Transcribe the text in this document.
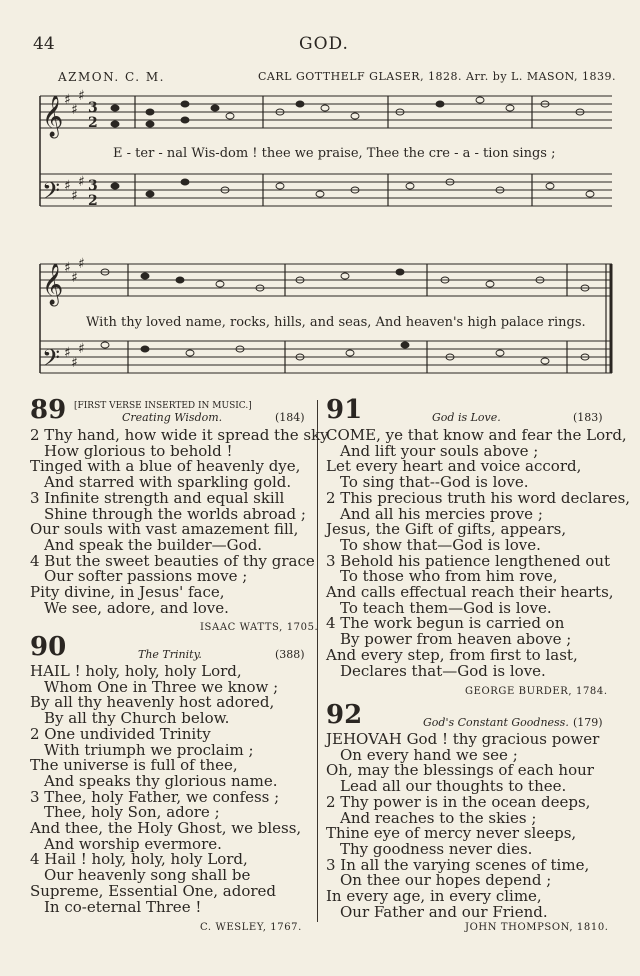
44	GOD.
AZMON. C. M.	CARL GOTTHELF GLASER, 1828. Arr. by L. MASON, 1839.
𝄞
𝄞
𝄢
𝄢
♯
♯
♯
♯
♯
♯
♯
♯
♯
♯
♯
♯
3
2
3
2
E - ter - nal Wis-dom ! thee we praise, Thee the cre - a - tion sings ;
With thy loved name, rocks, hills, and seas, And heaven's high palace rings.
89 [FIRST VERSE INSERTED IN MUSIC.]
Creating Wisdom.	(184)
2 Thy hand, how wide it spread the sky
How glorious to behold !
Tinged with a blue of heavenly dye,
And starred with sparkling gold.
3 Infinite strength and equal skill
Shine through the worlds abroad ;
Our souls with vast amazement fill,
And speak the builder—God.
4 But the sweet beauties of thy grace
Our softer passions move ;
Pity divine, in Jesus' face,
We see, adore, and love.
ISAAC WATTS, 1705.
90	The Trinity.	(388)
HAIL ! holy, holy, holy Lord,
Whom One in Three we know ;
By all thy heavenly host adored,
By all thy Church below.
2 One undivided Trinity
With triumph we proclaim ;
The universe is full of thee,
And speaks thy glorious name.
3 Thee, holy Father, we confess ;
Thee, holy Son, adore ;
And thee, the Holy Ghost, we bless,
And worship evermore.
4 Hail ! holy, holy, holy Lord,
Our heavenly song shall be
Supreme, Essential One, adored
In co-eternal Three !
C. WESLEY, 1767.
91	God is Love.	(183)
COME, ye that know and fear the Lord,
And lift your souls above ;
Let every heart and voice accord,
To sing that--God is love.
2 This precious truth his word declares,
And all his mercies prove ;
Jesus, the Gift of gifts, appears,
To show that—God is love.
3 Behold his patience lengthened out
To those who from him rove,
And calls effectual reach their hearts,
To teach them—God is love.
4 The work begun is carried on
By power from heaven above ;
And every step, from first to last,
Declares that—God is love.
GEORGE BURDER, 1784.
92	God's Constant Goodness. (179)
JEHOVAH God ! thy gracious power
On every hand we see ;
Oh, may the blessings of each hour
Lead all our thoughts to thee.
2 Thy power is in the ocean deeps,
And reaches to the skies ;
Thine eye of mercy never sleeps,
Thy goodness never dies.
3 In all the varying scenes of time,
On thee our hopes depend ;
In every age, in every clime,
Our Father and our Friend.
JOHN THOMPSON, 1810.
